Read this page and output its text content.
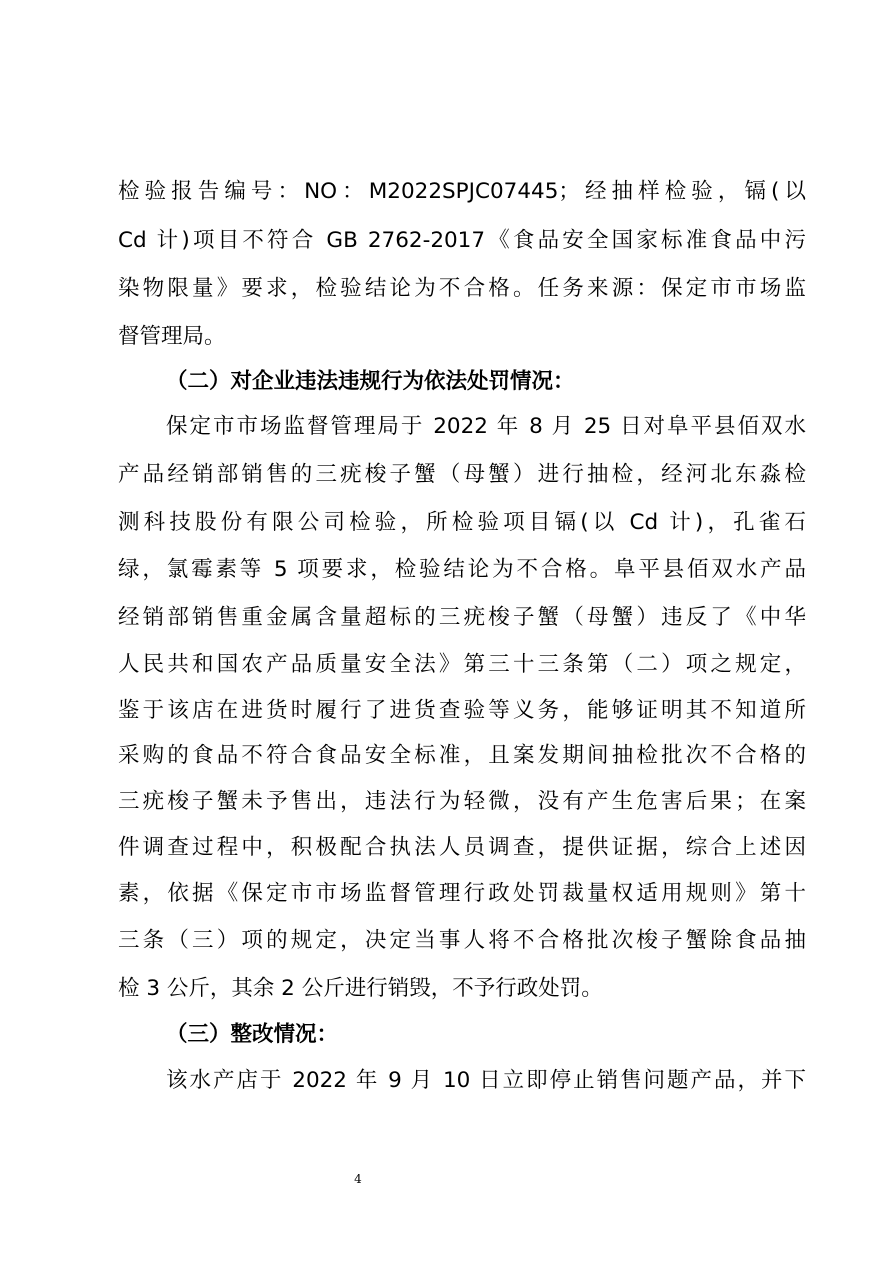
检验报告编号：NO：M2022SPJC07445；经抽样检验，镉(以
Cd 计)项目不符合 GB 2762-2017《食品安全国家标准食品中污
染物限量》要求，检验结论为不合格。任务来源：保定市市场监
督管理局。
（二）对企业违法违规行为依法处罚情况：
保定市市场监督管理局于 2022 年 8 月 25 日对阜平县佰双水
产品经销部销售的三疣梭子蟹（母蟹）进行抽检，经河北东淼检
测科技股份有限公司检验，所检验项目镉(以 Cd 计)，孔雀石
绿，氯霉素等 5 项要求，检验结论为不合格。阜平县佰双水产品
经销部销售重金属含量超标的三疣梭子蟹（母蟹）违反了《中华
人民共和国农产品质量安全法》第三十三条第（二）项之规定，
鉴于该店在进货时履行了进货查验等义务，能够证明其不知道所
采购的食品不符合食品安全标准，且案发期间抽检批次不合格的
三疣梭子蟹未予售出，违法行为轻微，没有产生危害后果；在案
件调查过程中，积极配合执法人员调查，提供证据，综合上述因
素，依据《保定市市场监督管理行政处罚裁量权适用规则》第十
三条（三）项的规定，决定当事人将不合格批次梭子蟹除食品抽
检 3 公斤，其余 2 公斤进行销毁，不予行政处罚。
（三）整改情况：
该水产店于 2022 年 9 月 10 日立即停止销售问题产品，并下
4
